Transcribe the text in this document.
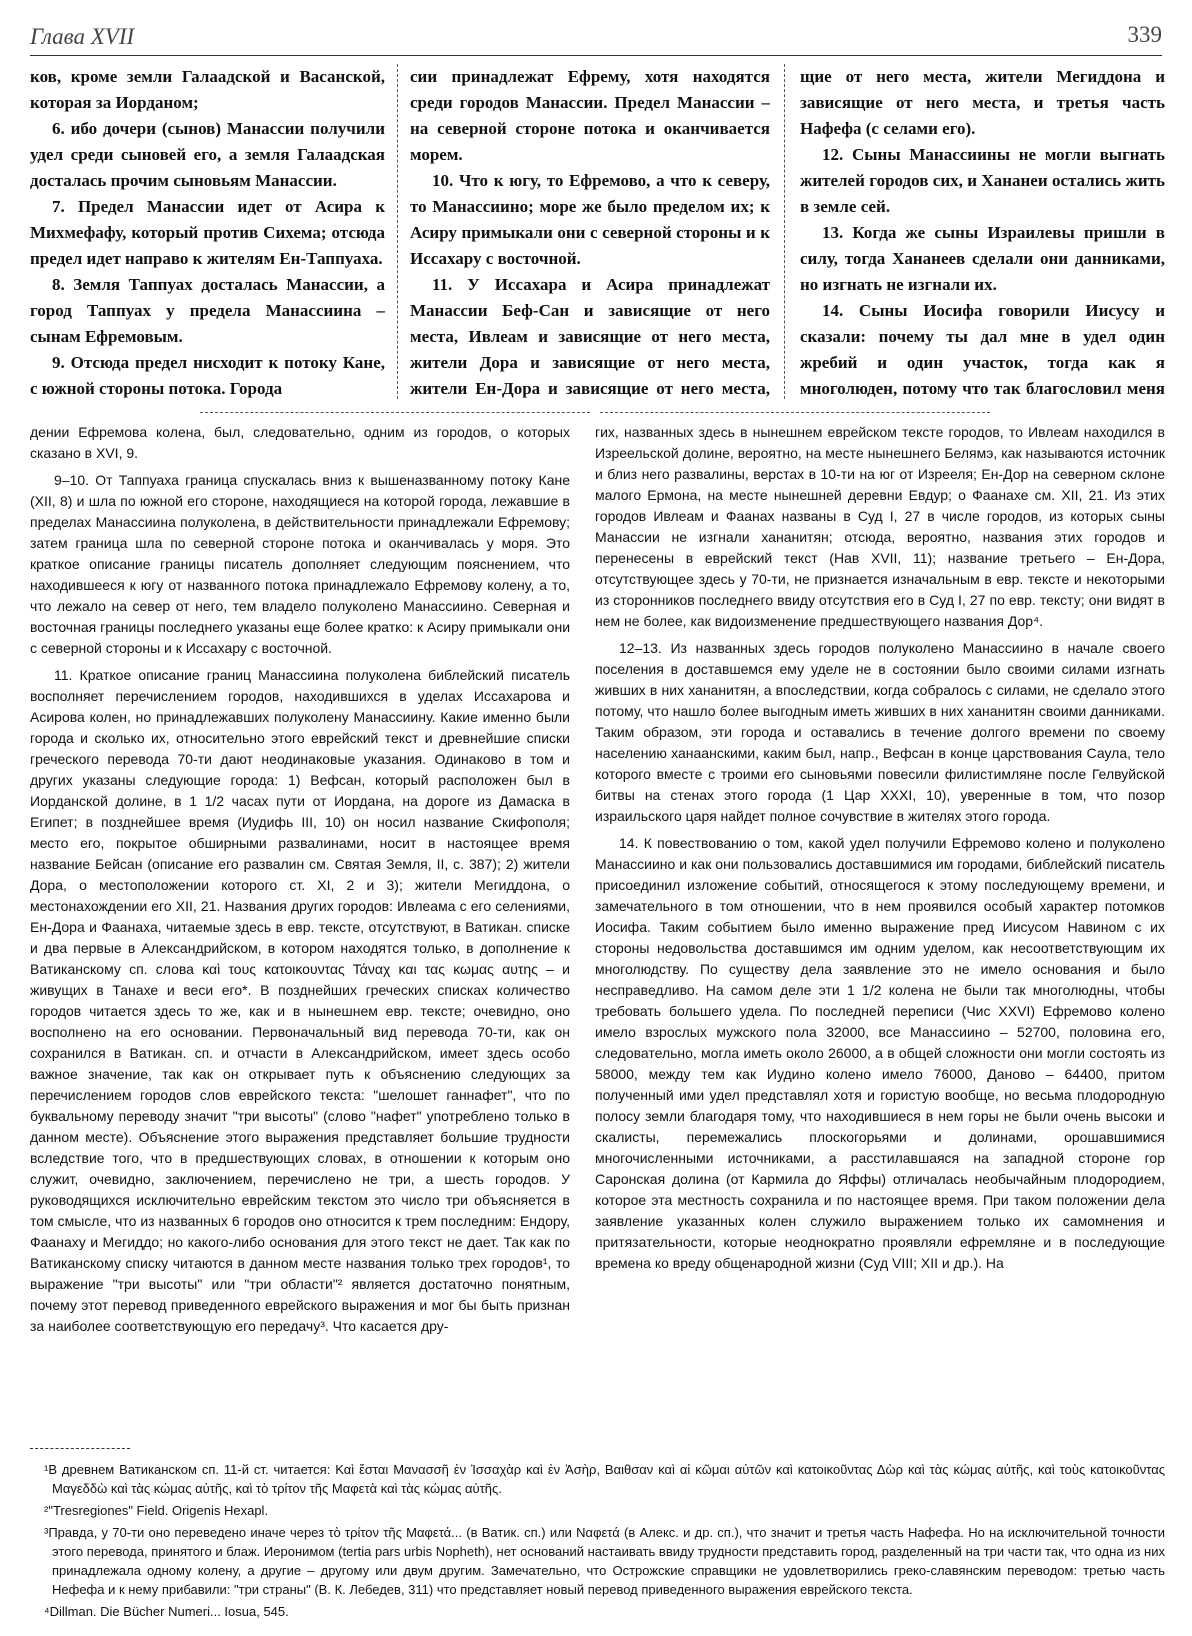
Глава XVII	339

ков, кроме земли Галаадской и Васанской, которая за Иорданом;

6. ибо дочери (сынов) Манассии получили удел среди сыновей его, а земля Галаадская досталась прочим сыновьям Манассии.

7. Предел Манассии идет от Асира к Михмефафу, который против Сихема; отсюда предел идет направо к жителям Ен-Таппуаха.

8. Земля Таппуах досталась Манассии, а город Таппуах у предела Манассиина – сынам Ефремовым.

9. Отсюда предел нисходит к потоку Кане, с южной стороны потока. Города

сии принадлежат Ефрему, хотя находятся среди городов Манассии. Предел Манассии – на северной стороне потока и оканчивается морем.

10. Что к югу, то Ефремово, а что к северу, то Манассиино; море же было пределом их; к Асиру примыкали они с северной стороны и к Иссахару с восточной.

11. У Иссахара и Асира принадлежат Манассии Беф-Сан и зависящие от него места, Ивлеам и зависящие от него места, жители Дора и зависящие от него места, жители Ен-Дора и зависящие от него места,

щие от него места, жители Мегиддона и зависящие от него места, и третья часть Нафефа (с селами его).

12. Сыны Манассиины не могли выгнать жителей городов сих, и Хананеи остались жить в земле сей.

13. Когда же сыны Израилевы пришли в силу, тогда Хананеев сделали они данниками, но изгнать не изгнали их.

14. Сыны Иосифа говорили Иисусу и сказали: почему ты дал мне в удел один жребий и один участок, тогда как я многолюден, потому что так благословил меня

дении Ефремова колена, был, следовательно, одним из городов, о которых сказано в XVI, 9.

9–10. От Таппуаха граница спускалась вниз к вышеназванному потоку Кане (XII, 8) и шла по южной его стороне, находящиеся на которой города, лежавшие в пределах Манассиина полуколена, в действительности принадлежали Ефремову; затем граница шла по северной стороне потока и оканчивалась у моря. Это краткое описание границы писатель дополняет следующим пояснением, что находившееся к югу от названного потока принадлежало Ефремову колену, а то, что лежало на север от него, тем владело полуколено Манассиино. Северная и восточная границы последнего указаны еще более кратко: к Асиру примыкали они с северной стороны и к Иссахару с восточной.

11. Краткое описание границ Манассиина полуколена библейский писатель восполняет перечислением городов, находившихся в уделах Иссахарова и Асирова колен, но принадлежавших полуколену Манассиину. Какие именно были города и сколько их, относительно этого еврейский текст и древнейшие списки греческого перевода 70-ти дают неодинаковые указания. Одинаково в том и других указаны следующие города: 1) Вефсан, который расположен был в Иорданской долине, в 1 1/2 часах пути от Иордана, на дороге из Дамаска в Египет; в позднейшее время (Иудифь III, 10) он носил название Скифополя; место его, покрытое обширными развалинами, носит в настоящее время название Бейсан (описание его развалин см. Святая Земля, II, с. 387); 2) жители Дора, о местоположении которого ст. XI, 2 и 3); жители Мегиддона, о местонахождении его XII, 21. Названия других городов: Ивлеама с его селениями, Ен-Дора и Фаанаха, читаемые здесь в евр. тексте, отсутствуют, в Ватикан. списке и два первые в Александрийском, в котором находятся только, в дополнение к Ватиканскому сп. слова καὶ τους κατοικουντας Τάναχ και τας κωμας αυτης – и живущих в Танахе и веси его*. В позднейших греческих списках количество городов читается здесь то же, как и в нынешнем евр. тексте; очевидно, оно восполнено на его основании. Первоначальный вид перевода 70-ти, как он сохранился в Ватикан. сп. и отчасти в Александрийском, имеет здесь особо важное значение, так как он открывает путь к объяснению следующих за перечислением городов слов еврейского текста: "шелошет ганнафет", что по буквальному переводу значит "три высоты" (слово "нафет" употреблено только в данном месте). Объяснение этого выражения представляет большие трудности вследствие того, что в предшествующих словах, в отношении к которым оно служит, очевидно, заключением, перечислено не три, а шесть городов. У руководящихся исключительно еврейским текстом это число три объясняется в том смысле, что из названных 6 городов оно относится к трем последним: Ендору, Фаанаху и Мегиддо; но какого-либо основания для этого текст не дает. Так как по Ватиканскому списку читаются в данном месте названия только трех городов¹, то выражение "три высоты" или "три области"² является достаточно понятным, почему этот перевод приведенного еврейского выражения и мог бы быть признан за наиболее соответствующую его передачу³. Что касается дру-

гих, названных здесь в нынешнем еврейском тексте городов, то Ивлеам находился в Изреельской долине, вероятно, на месте нынешнего Белямэ, как называются источник и близ него развалины, верстах в 10-ти на юг от Изрееля; Ен-Дор на северном склоне малого Ермона, на месте нынешней деревни Евдур; о Фаанахе см. XII, 21. Из этих городов Ивлеам и Фаанах названы в Суд I, 27 в числе городов, из которых сыны Манассии не изгнали хананитян; отсюда, вероятно, названия этих городов и перенесены в еврейский текст (Нав XVII, 11); название третьего – Ен-Дора, отсутствующее здесь у 70-ти, не признается изначальным в евр. тексте и некоторыми из сторонников последнего ввиду отсутствия его в Суд I, 27 по евр. тексту; они видят в нем не более, как видоизменение предшествующего названия Дор⁴.

12–13. Из названных здесь городов полуколено Манассиино в начале своего поселения в доставшемся ему уделе не в состоянии было своими силами изгнать живших в них хананитян, а впоследствии, когда собралось с силами, не сделало этого потому, что нашло более выгодным иметь живших в них хананитян своими данниками. Таким образом, эти города и оставались в течение долгого времени по своему населению ханаанскими, каким был, напр., Вефсан в конце царствования Саула, тело которого вместе с троими его сыновьями повесили филистимляне после Гелвуйской битвы на стенах этого города (1 Цар XXXI, 10), уверенные в том, что позор израильского царя найдет полное сочувствие в жителях этого города.

14. К повествованию о том, какой удел получили Ефремово колено и полуколено Манассиино и как они пользовались доставшимися им городами, библейский писатель присоединил изложение событий, относящегося к этому последующему времени, и замечательного в том отношении, что в нем проявился особый характер потомков Иосифа. Таким событием было именно выражение пред Иисусом Навином с их стороны недовольства доставшимся им одним уделом, как несоответствующим их многолюдству. По существу дела заявление это не имело основания и было несправедливо. На самом деле эти 1 1/2 колена не были так многолюдны, чтобы требовать большего удела. По последней переписи (Чис XXVI) Ефремово колено имело взрослых мужского пола 32000, все Манассиино – 52700, половина его, следовательно, могла иметь около 26000, а в общей сложности они могли состоять из 58000, между тем как Иудино колено имело 76000, Даново – 64400, притом полученный ими удел представлял хотя и гористую вообще, но весьма плодородную полосу земли благодаря тому, что находившиеся в нем горы не были очень высоки и скалисты, перемежались плоскогорьями и долинами, орошавшимися многочисленными источниками, а расстилавшаяся на западной стороне гор Саронская долина (от Кармила до Яффы) отличалась необычайным плодородием, которое эта местность сохранила и по настоящее время. При таком положении дела заявление указанных колен служило выражением только их самомнения и притязательности, которые неоднократно проявляли ефремляне и в последующие времена ко вреду общенародной жизни (Суд VIII; XII и др.). На

¹В древнем Ватиканском сп. 11-й ст. читается: Καὶ ἔσται Μανασσῆ ἐν Ἰσσαχὰρ καὶ ἐν Ἀσὴρ, Βαιθσαν καὶ αἱ κῶμαι αὐτῶν καὶ κατοικοῦντας Δὼρ καὶ τὰς κώμας αὐτῆς, καὶ τοὺς κατοικοῦντας Μαγεδδὼ καὶ τὰς κώμας αὐτῆς, καὶ τὸ τρίτον τῆς Μαφετὰ καὶ τὰς κώμας αὐτῆς.

²"Tresregiones" Field. Origenis Hexapl.

³Правда, у 70-ти оно переведено иначе через τὸ τρίτον τῆς Μαφετά... (в Ватик. сп.) или Ναφετά (в Алекс. и др. сп.), что значит и третья часть Нафефа. Но на исключительной точности этого перевода, принятого и блаж. Иеронимом (tertia pars urbis Nopheth), нет оснований настаивать ввиду трудности представить город, разделенный на три части так, что одна из них принадлежала одному колену, а другие – другому или двум другим. Замечательно, что Острожские справщики не удовлетворились греко-славянским переводом: третью часть Нефефа и к нему прибавили: "три страны" (В. К. Лебедев, 311) что представляет новый перевод приведенного выражения еврейского текста.

⁴Dillman. Die Bücher Numeri... Iosua, 545.
